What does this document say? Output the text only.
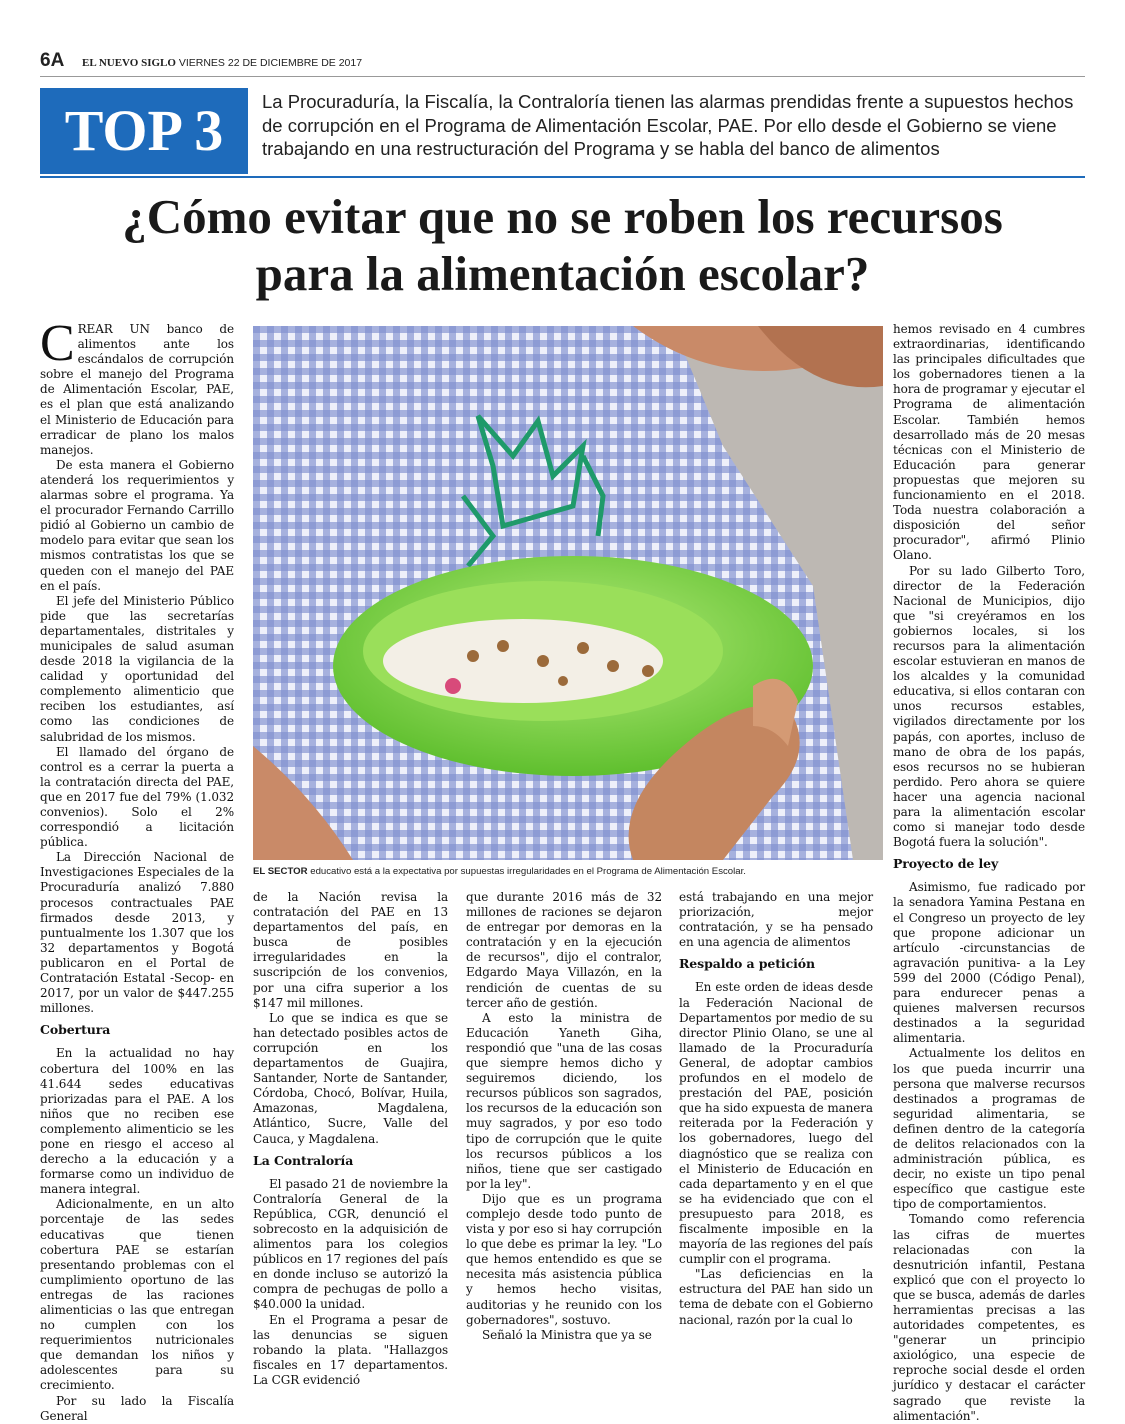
6A EL NUEVO SIGLO VIERNES 22 DE DICIEMBRE DE 2017
TOP 3	La Procuraduría, la Fiscalía, la Contraloría tienen las alarmas prendidas frente a supuestos hechos de corrupción en el Programa de Alimentación Escolar, PAE. Por ello desde el Gobierno se viene trabajando en una restructuración del Programa y se habla del banco de alimentos
¿Cómo evitar que no se roben los recursos
para la alimentación escolar?

CREAR UN banco de alimentos ante los escándalos de corrupción sobre el manejo del Programa de Alimentación Escolar, PAE, es el plan que está analizando el Ministerio de Educación para erradicar de plano los malos manejos.

De esta manera el Gobierno atenderá los requerimientos y alarmas sobre el programa. Ya el procurador Fernando Carrillo pidió al Gobierno un cambio de modelo para evitar que sean los mismos contratistas los que se queden con el manejo del PAE en el país.

El jefe del Ministerio Público pide que las secretarías departamentales, distritales y municipales de salud asuman desde 2018 la vigilancia de la calidad y oportunidad del complemento alimenticio que reciben los estudiantes, así como las condiciones de salubridad de los mismos.

El llamado del órgano de control es a cerrar la puerta a la contratación directa del PAE, que en 2017 fue del 79% (1.032 convenios). Solo el 2% correspondió a licitación pública.

La Dirección Nacional de Investigaciones Especiales de la Procuraduría analizó 7.880 procesos contractuales PAE firmados desde 2013, y puntualmente los 1.307 que los 32 departamentos y Bogotá publicaron en el Portal de Contratación Estatal -Secop- en 2017, por un valor de $447.255 millones.

Cobertura

En la actualidad no hay cobertura del 100% en las 41.644 sedes educativas priorizadas para el PAE. A los niños que no reciben ese complemento alimenticio se les pone en riesgo el acceso al derecho a la educación y a formarse como un individuo de manera integral.

Adicionalmente, en un alto porcentaje de las sedes educativas que tienen cobertura PAE se estarían presentando problemas con el cumplimiento oportuno de las entregas de las raciones alimenticias o las que entregan no cumplen con los requerimientos nutricionales que demandan los niños y adolescentes para su crecimiento.

Por su lado la Fiscalía General

EL SECTOR educativo está a la expectativa por supuestas irregularidades en el Programa de Alimentación Escolar.

de la Nación revisa la contratación del PAE en 13 departamentos del país, en busca de posibles irregularidades en la suscripción de los convenios, por una cifra superior a los $147 mil millones.

Lo que se indica es que se han detectado posibles actos de corrupción en los departamentos de Guajira, Santander, Norte de Santander, Córdoba, Chocó, Bolívar, Huila, Amazonas, Magdalena, Atlántico, Sucre, Valle del Cauca, y Magdalena.

La Contraloría

El pasado 21 de noviembre la Contraloría General de la República, CGR, denunció el sobrecosto en la adquisición de alimentos para los colegios públicos en 17 regiones del país en donde incluso se autorizó la compra de pechugas de pollo a $40.000 la unidad.

En el Programa a pesar de las denuncias se siguen robando la plata. "Hallazgos fiscales en 17 departamentos. La CGR evidenció

que durante 2016 más de 32 millones de raciones se dejaron de entregar por demoras en la contratación y en la ejecución de recursos", dijo el contralor, Edgardo Maya Villazón, en la rendición de cuentas de su tercer año de gestión.

A esto la ministra de Educación Yaneth Giha, respondió que "una de las cosas que siempre hemos dicho y seguiremos diciendo, los recursos públicos son sagrados, los recursos de la educación son muy sagrados, y por eso todo tipo de corrupción que le quite los recursos públicos a los niños, tiene que ser castigado por la ley".

Dijo que es un programa complejo desde todo punto de vista y por eso si hay corrupción lo que debe es primar la ley. "Lo que hemos entendido es que se necesita más asistencia pública y hemos hecho visitas, auditorias y he reunido con los gobernadores", sostuvo.

Señaló la Ministra que ya se

está trabajando en una mejor priorización, mejor contratación, y se ha pensado en una agencia de alimentos

Respaldo a petición

En este orden de ideas desde la Federación Nacional de Departamentos por medio de su director Plinio Olano, se une al llamado de la Procuraduría General, de adoptar cambios profundos en el modelo de prestación del PAE, posición que ha sido expuesta de manera reiterada por la Federación y los gobernadores, luego del diagnóstico que se realiza con el Ministerio de Educación en cada departamento y en el que se ha evidenciado que con el presupuesto para 2018, es fiscalmente imposible en la mayoría de las regiones del país cumplir con el programa.

"Las deficiencias en la estructura del PAE han sido un tema de debate con el Gobierno nacional, razón por la cual lo

hemos revisado en 4 cumbres extraordinarias, identificando las principales dificultades que los gobernadores tienen a la hora de programar y ejecutar el Programa de alimentación Escolar. También hemos desarrollado más de 20 mesas técnicas con el Ministerio de Educación para generar propuestas que mejoren su funcionamiento en el 2018. Toda nuestra colaboración a disposición del señor procurador", afirmó Plinio Olano.

Por su lado Gilberto Toro, director de la Federación Nacional de Municipios, dijo que "si creyéramos en los gobiernos locales, si los recursos para la alimentación escolar estuvieran en manos de los alcaldes y la comunidad educativa, si ellos contaran con unos recursos estables, vigilados directamente por los papás, con aportes, incluso de mano de obra de los papás, esos recursos no se hubieran perdido. Pero ahora se quiere hacer una agencia nacional para la alimentación escolar como si manejar todo desde Bogotá fuera la solución".

Proyecto de ley

Asimismo, fue radicado por la senadora Yamina Pestana en el Congreso un proyecto de ley que propone adicionar un artículo -circunstancias de agravación punitiva- a la Ley 599 del 2000 (Código Penal), para endurecer penas a quienes malversen recursos destinados a la seguridad alimentaria.

Actualmente los delitos en los que pueda incurrir una persona que malverse recursos destinados a programas de seguridad alimentaria, se definen dentro de la categoría de delitos relacionados con la administración pública, es decir, no existe un tipo penal específico que castigue este tipo de comportamientos.

Tomando como referencia las cifras de muertes relacionadas con la desnutrición infantil, Pestana explicó que con el proyecto lo que se busca, además de darles herramientas precisas a las autoridades competentes, es "generar un principio axiológico, una especie de reproche social desde el orden jurídico y destacar el carácter sagrado que reviste la alimentación".
